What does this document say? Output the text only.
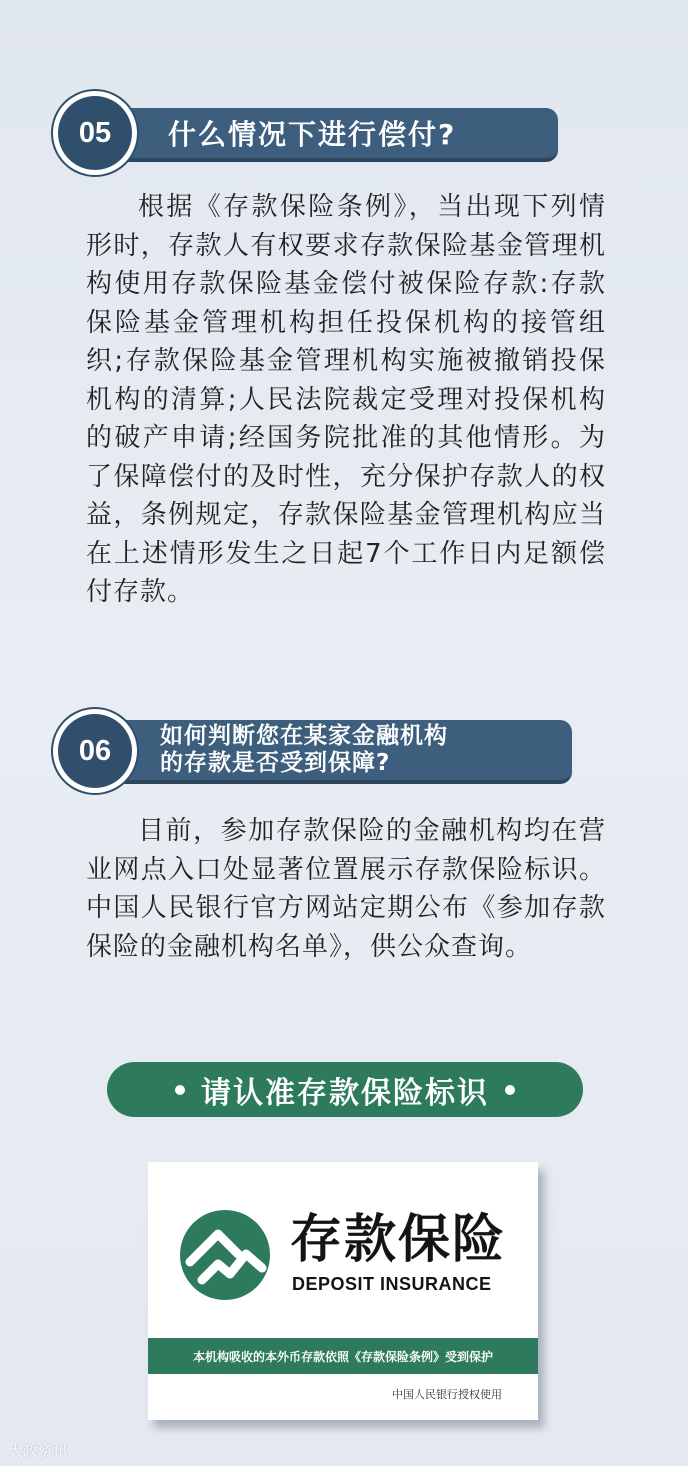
什么情况下进行偿付?
05

根据《存款保险条例》，当出现下列情形时，存款人有权要求存款保险基金管理机构使用存款保险基金偿付被保险存款:存款保险基金管理机构担任投保机构的接管组织;存款保险基金管理机构实施被撤销投保机构的清算;人民法院裁定受理对投保机构的破产申请;经国务院批准的其他情形。为了保障偿付的及时性，充分保护存款人的权益，条例规定，存款保险基金管理机构应当在上述情形发生之日起7个工作日内足额偿付存款。

如何判断您在某家金融机构
的存款是否受到保障?
06

目前，参加存款保险的金融机构均在营业网点入口处显著位置展示存款保险标识。中国人民银行官方网站定期公布《参加存款保险的金融机构名单》，供公众查询。

请认准存款保险标识
存款保险
DEPOSIT INSURANCE
本机构吸收的本外币存款依照《存款保险条例》受到保护
中国人民银行授权使用
大政资讯
